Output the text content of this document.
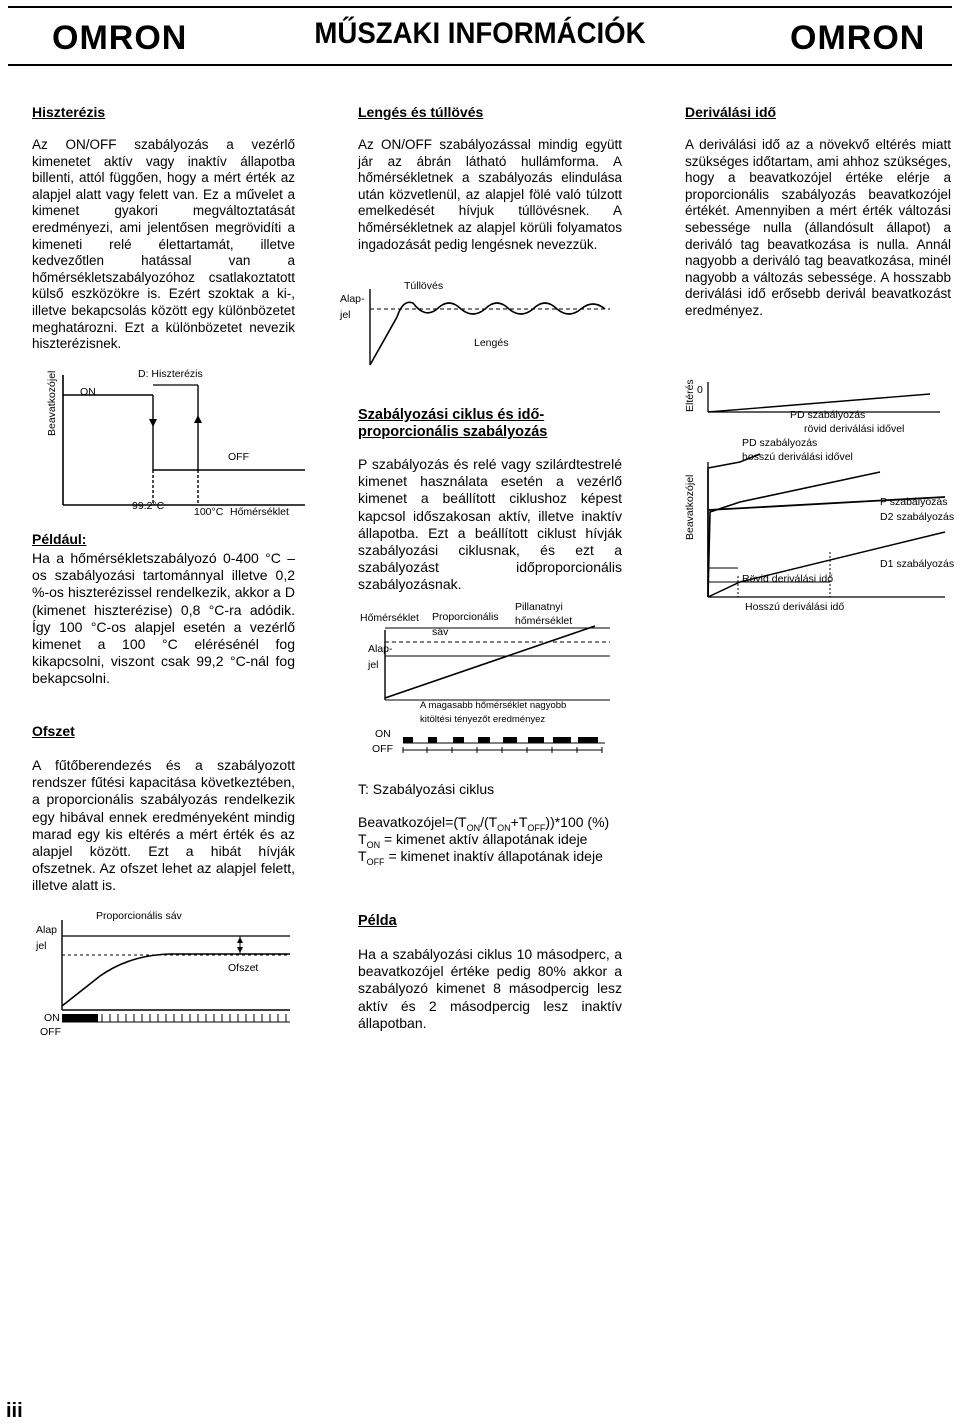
OMRON	MŰSZAKI INFORMÁCIÓK	OMRON
Hiszterézis
Az ON/OFF szabályozás a vezérlő kimenetet aktív vagy inaktív állapotba billenti, attól függően, hogy a mért érték az alapjel alatt vagy felett van. Ez a művelet a kimenet gyakori megváltoztatását eredményezi, ami jelentősen megrövidíti a kimeneti relé élettartamát, illetve kedvezőtlen hatással van a hőmérsékletszabályozóhoz csatlakoztatott külső eszközökre is. Ezért szoktak a ki-, illetve bekapcsolás között egy különbözetet meghatározni. Ezt a különbözetet nevezik hiszterézisnek.
Beavatkozójel ON
D: Hiszterézis
OFF
99.2°C	100°C Hőmérséklet
Például:
Ha a hőmérsékletszabályozó 0-400 °C –os szabályozási tartománnyal illetve 0,2 %-os hiszterézissel rendelkezik, akkor a D (kimenet hiszterézise) 0,8 °C-ra adódik. Így 100 °C-os alapjel esetén a vezérlő kimenet a 100 °C elérésénél fog kikapcsolni, viszont csak 99,2 °C-nál fog bekapcsolni.
Ofszet
A fűtőberendezés és a szabályozott rendszer fűtési kapacitása következtében, a proporcionális szabályozás rendelkezik egy hibával ennek eredményeként mindig marad egy kis eltérés a mért érték és az alapjel között. Ezt a hibát hívják ofszetnek. Az ofszet lehet az alapjel felett, illetve alatt is.
Alap
jel
Proporcionális sáv
Ofszet
ON
OFF
Lengés és túllövés
Az ON/OFF szabályozással mindig együtt jár az ábrán látható hullámforma. A hőmérsékletnek a szabályozás elindulása után közvetlenül, az alapjel fölé való túlzott emelkedését hívjuk túllövésnek. A hőmérsékletnek az alapjel körüli folyamatos ingadozását pedig lengésnek nevezzük.
Alap-
jel
Túllövés
Lengés
Szabályozási ciklus és idő-
proporcionális szabályozás
P szabályozás és relé vagy szilárdtestrelé kimenet használata esetén a vezérlő kimenet a beállított ciklushoz képest kapcsol időszakosan aktív, illetve inaktív állapotba. Ezt a beállított ciklust hívják szabályozási ciklusnak, és ezt a szabályozást időproporcionális szabályozásnak.
Hőmérséklet Proporcionális
sáv
Pillanatnyi
hőmérséklet
Alap-
jel
A magasabb hőmérséklet nagyobb
kitöltési tényezőt eredményez
ON
OFF
T: Szabályozási ciklus
$Beavatkozójel=(T_{ON}/(T_{ON}+T_{OFF}))*100$ (%)
$T_{ON}$ = kimenet aktív állapotának ideje
$T_{OFF}$ = kimenet inaktív állapotának ideje
Példa
Ha a szabályozási ciklus 10 másodperc, a beavatkozójel értéke pedig 80% akkor a szabályozó kimenet 8 másodpercig lesz aktív és 2 másodpercig lesz inaktív állapotban.
Deriválási idő
A deriválási idő az a növekvő eltérés miatt szükséges időtartam, ami ahhoz szükséges, hogy a beavatkozójel értéke elérje a proporcionális szabályozás beavatkozójel értékét. Amennyiben a mért érték változási sebessége nulla (állandósult állapot) a deriváló tag beavatkozása is nulla. Annál nagyobb a deriváló tag beavatkozása, minél nagyobb a változás sebessége. A hosszabb deriválási idő erősebb derivál beavatkozást eredményez.
Eltérés 0
Beavatkozójel
PD szabályozás
rövid deriválási idővel
PD szabályozás
hosszú deriválási idővel
P szabályozás
D2 szabályozás
D1 szabályozás
Rövid deriválási idő
Hosszú deriválási idő
iii
